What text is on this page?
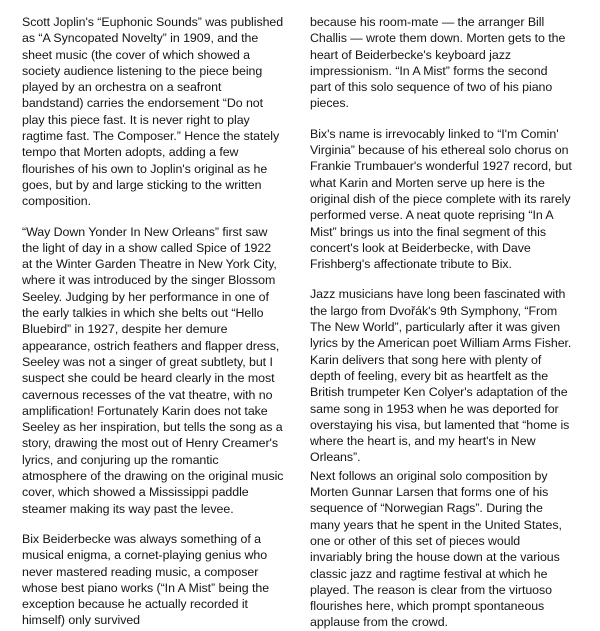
Scott Joplin's “Euphonic Sounds” was published as “A Syncopated Novelty” in 1909, and the sheet music (the cover of which showed a society audience listening to the piece being played by an orchestra on a seafront bandstand) carries the endorsement “Do not play this piece fast. It is never right to play ragtime fast. The Composer.” Hence the stately tempo that Morten adopts, adding a few flourishes of his own to Joplin's original as he goes, but by and large sticking to the written composition.

“Way Down Yonder In New Orleans” first saw the light of day in a show called Spice of 1922 at the Winter Garden Theatre in New York City, where it was introduced by the singer Blossom Seeley. Judging by her performance in one of the early talkies in which she belts out “Hello Bluebird” in 1927, despite her demure appearance, ostrich feathers and flapper dress, Seeley was not a singer of great subtlety, but I suspect she could be heard clearly in the most cavernous recesses of the vat theatre, with no amplification! Fortunately Karin does not take Seeley as her inspiration, but tells the song as a story, drawing the most out of Henry Creamer's lyrics, and conjuring up the romantic atmosphere of the drawing on the original music cover, which showed a Mississippi paddle steamer making its way past the levee.

Bix Beiderbecke was always something of a musical enigma, a cornet-playing genius who never mastered reading music, a composer whose best piano works (“In A Mist” being the exception because he actually recorded it himself) only survived

because his room-mate — the arranger Bill Challis — wrote them down. Morten gets to the heart of Beiderbecke's keyboard jazz impressionism. “In A Mist” forms the second part of this solo sequence of two of his piano pieces.

Bix's name is irrevocably linked to “I'm Comin' Virginia” because of his ethereal solo chorus on Frankie Trumbauer's wonderful 1927 record, but what Karin and Morten serve up here is the original dish of the piece complete with its rarely performed verse. A neat quote reprising “In A Mist” brings us into the final segment of this concert's look at Beiderbecke, with Dave Frishberg's affectionate tribute to Bix.

Jazz musicians have long been fascinated with the largo from Dvořák's 9th Symphony, “From The New World”, particularly after it was given lyrics by the American poet William Arms Fisher. Karin delivers that song here with plenty of depth of feeling, every bit as heartfelt as the British trumpeter Ken Colyer's adaptation of the same song in 1953 when he was deported for overstaying his visa, but lamented that “home is where the heart is, and my heart's in New Orleans”.

Next follows an original solo composition by Morten Gunnar Larsen that forms one of his sequence of “Norwegian Rags”. During the many years that he spent in the United States, one or other of this set of pieces would invariably bring the house down at the various classic jazz and ragtime festival at which he played. The reason is clear from the virtuoso flourishes here, which prompt spontaneous applause from the crowd.
